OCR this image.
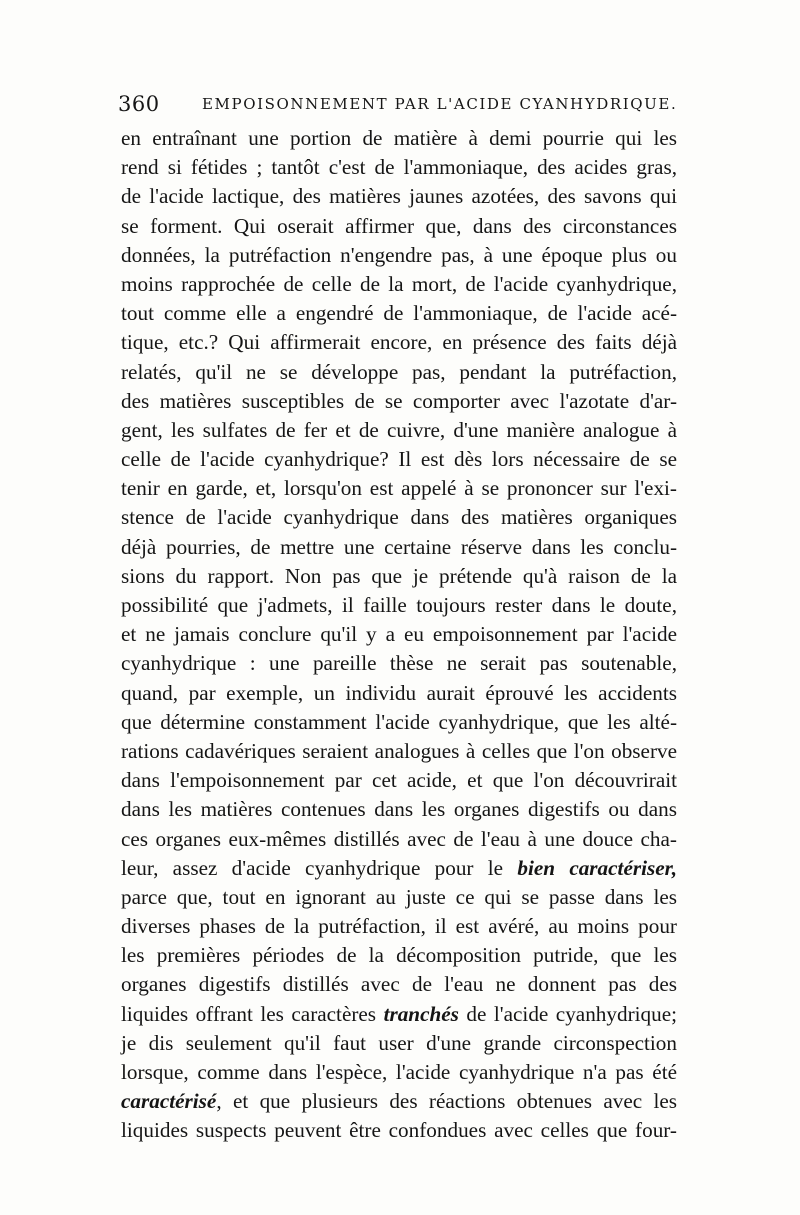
360	EMPOISONNEMENT PAR L'ACIDE CYANHYDRIQUE.
en entraînant une portion de matière à demi pourrie qui les
rend si fétides ; tantôt c'est de l'ammoniaque, des acides gras,
de l'acide lactique, des matières jaunes azotées, des savons qui
se forment. Qui oserait affirmer que, dans des circonstances
données, la putréfaction n'engendre pas, à une époque plus ou
moins rapprochée de celle de la mort, de l'acide cyanhydrique,
tout comme elle a engendré de l'ammoniaque, de l'acide acé-
tique, etc.? Qui affirmerait encore, en présence des faits déjà
relatés, qu'il ne se développe pas, pendant la putréfaction,
des matières susceptibles de se comporter avec l'azotate d'ar-
gent, les sulfates de fer et de cuivre, d'une manière analogue à
celle de l'acide cyanhydrique? Il est dès lors nécessaire de se
tenir en garde, et, lorsqu'on est appelé à se prononcer sur l'exi-
stence de l'acide cyanhydrique dans des matières organiques
déjà pourries, de mettre une certaine réserve dans les conclu-
sions du rapport. Non pas que je prétende qu'à raison de la
possibilité que j'admets, il faille toujours rester dans le doute,
et ne jamais conclure qu'il y a eu empoisonnement par l'acide
cyanhydrique : une pareille thèse ne serait pas soutenable,
quand, par exemple, un individu aurait éprouvé les accidents
que détermine constamment l'acide cyanhydrique, que les alté-
rations cadavériques seraient analogues à celles que l'on observe
dans l'empoisonnement par cet acide, et que l'on découvrirait
dans les matières contenues dans les organes digestifs ou dans
ces organes eux-mêmes distillés avec de l'eau à une douce cha-
leur, assez d'acide cyanhydrique pour le bien caractériser,
parce que, tout en ignorant au juste ce qui se passe dans les
diverses phases de la putréfaction, il est avéré, au moins pour
les premières périodes de la décomposition putride, que les
organes digestifs distillés avec de l'eau ne donnent pas des
liquides offrant les caractères tranchés de l'acide cyanhydrique;
je dis seulement qu'il faut user d'une grande circonspection
lorsque, comme dans l'espèce, l'acide cyanhydrique n'a pas été
caractérisé, et que plusieurs des réactions obtenues avec les
liquides suspects peuvent être confondues avec celles que four-
